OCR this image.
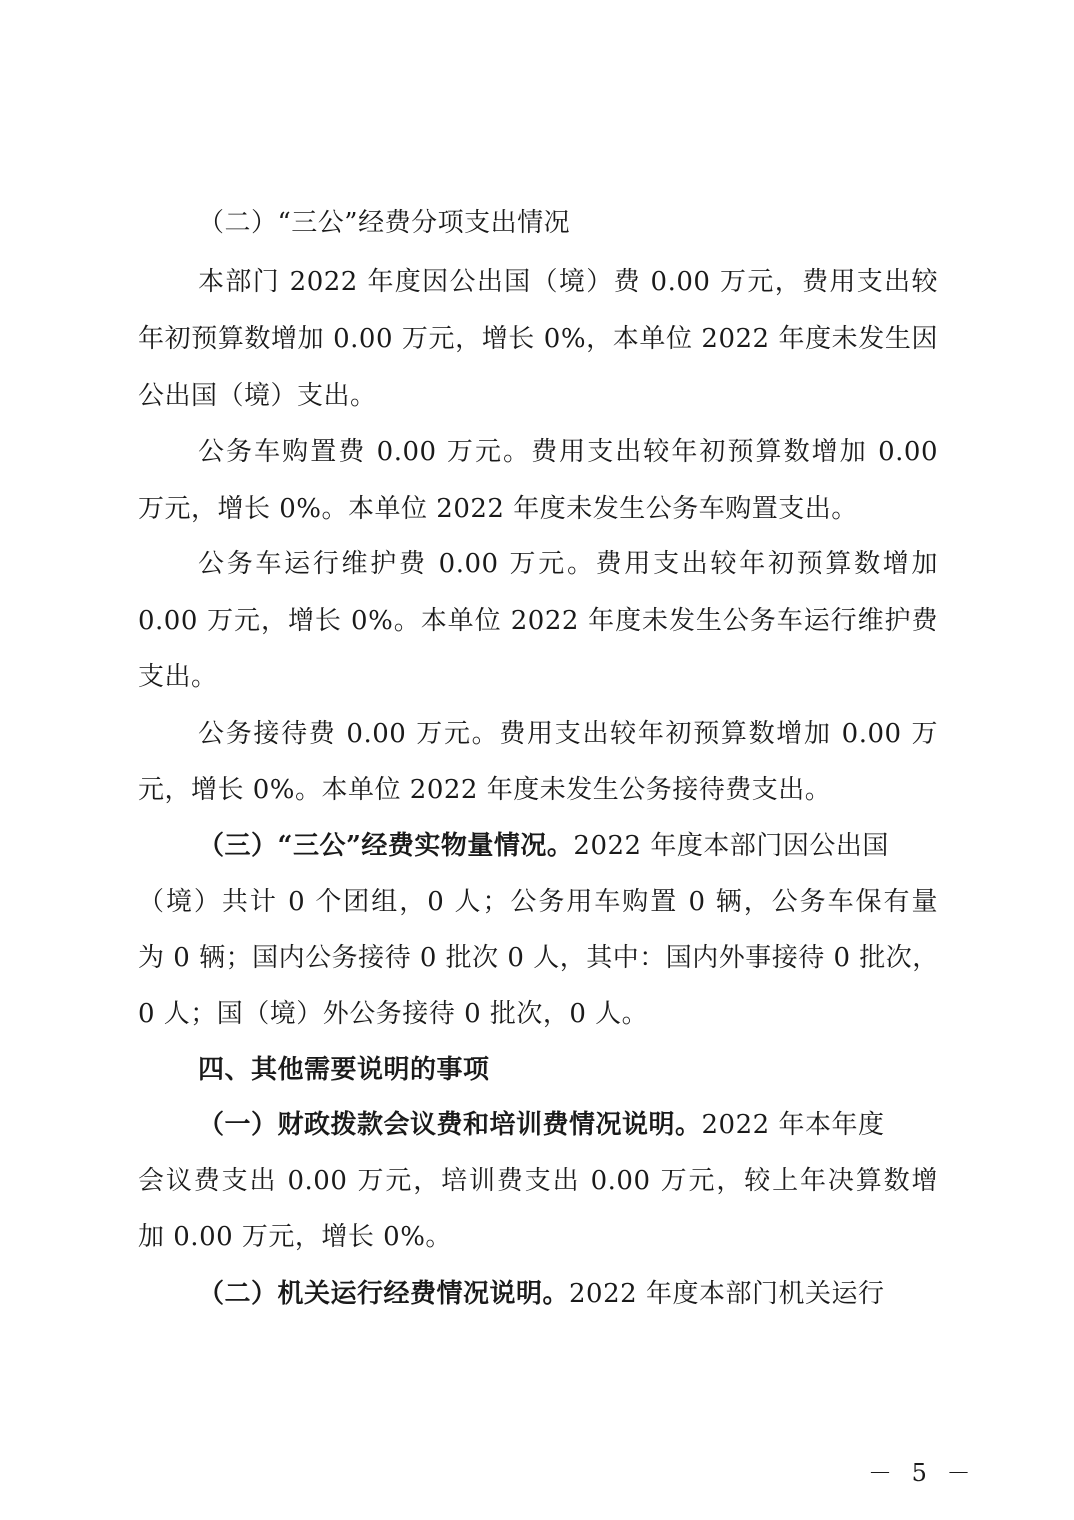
（二）“三公”经费分项支出情况
本部门 2022 年度因公出国（境）费 0.00 万元，费用支出较
年初预算数增加 0.00 万元，增长 0%，本单位 2022 年度未发生因
公出国（境）支出。
公务车购置费 0.00 万元。费用支出较年初预算数增加 0.00
万元，增长 0%。本单位 2022 年度未发生公务车购置支出。
公务车运行维护费 0.00 万元。费用支出较年初预算数增加
0.00 万元，增长 0%。本单位 2022 年度未发生公务车运行维护费
支出。
公务接待费 0.00 万元。费用支出较年初预算数增加 0.00 万
元，增长 0%。本单位 2022 年度未发生公务接待费支出。
（三）“三公”经费实物量情况。2022 年度本部门因公出国
（境）共计 0 个团组，0 人；公务用车购置 0 辆，公务车保有量
为 0 辆；国内公务接待 0 批次 0 人，其中：国内外事接待 0 批次，
0 人；国（境）外公务接待 0 批次，0 人。
四、其他需要说明的事项
（一）财政拨款会议费和培训费情况说明。2022 年本年度
会议费支出 0.00 万元，培训费支出 0.00 万元，较上年决算数增
加 0.00 万元，增长 0%。
（二）机关运行经费情况说明。2022 年度本部门机关运行
－ 5 －
